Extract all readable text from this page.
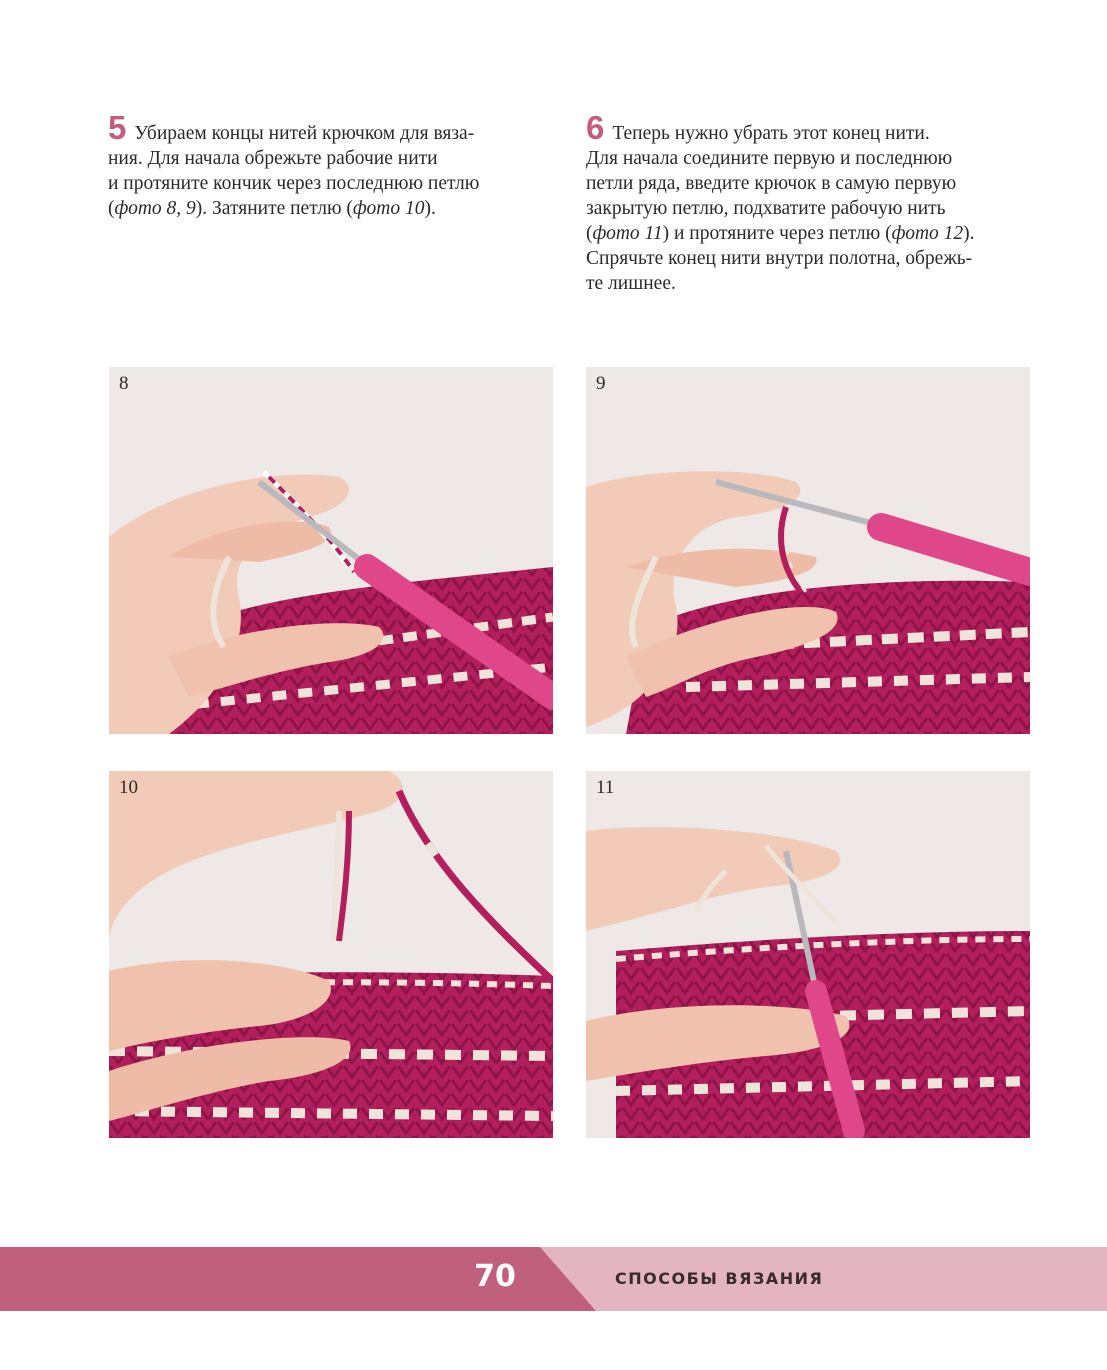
5 Убираем концы нитей крючком для вяза-
ния. Для начала обрежьте рабочие нити
и протяните кончик через последнюю петлю
(фото 8, 9). Затяните петлю (фото 10).
6 Теперь нужно убрать этот конец нити.
Для начала соедините первую и последнюю
петли ряда, введите крючок в самую первую
закрытую петлю, подхватите рабочую нить
(фото 11) и протяните через петлю (фото 12).
Спрячьте конец нити внутри полотна, обрежь-
те лишнее.
8	9
10	11
70	СПОСОБЫ ВЯЗАНИЯ
